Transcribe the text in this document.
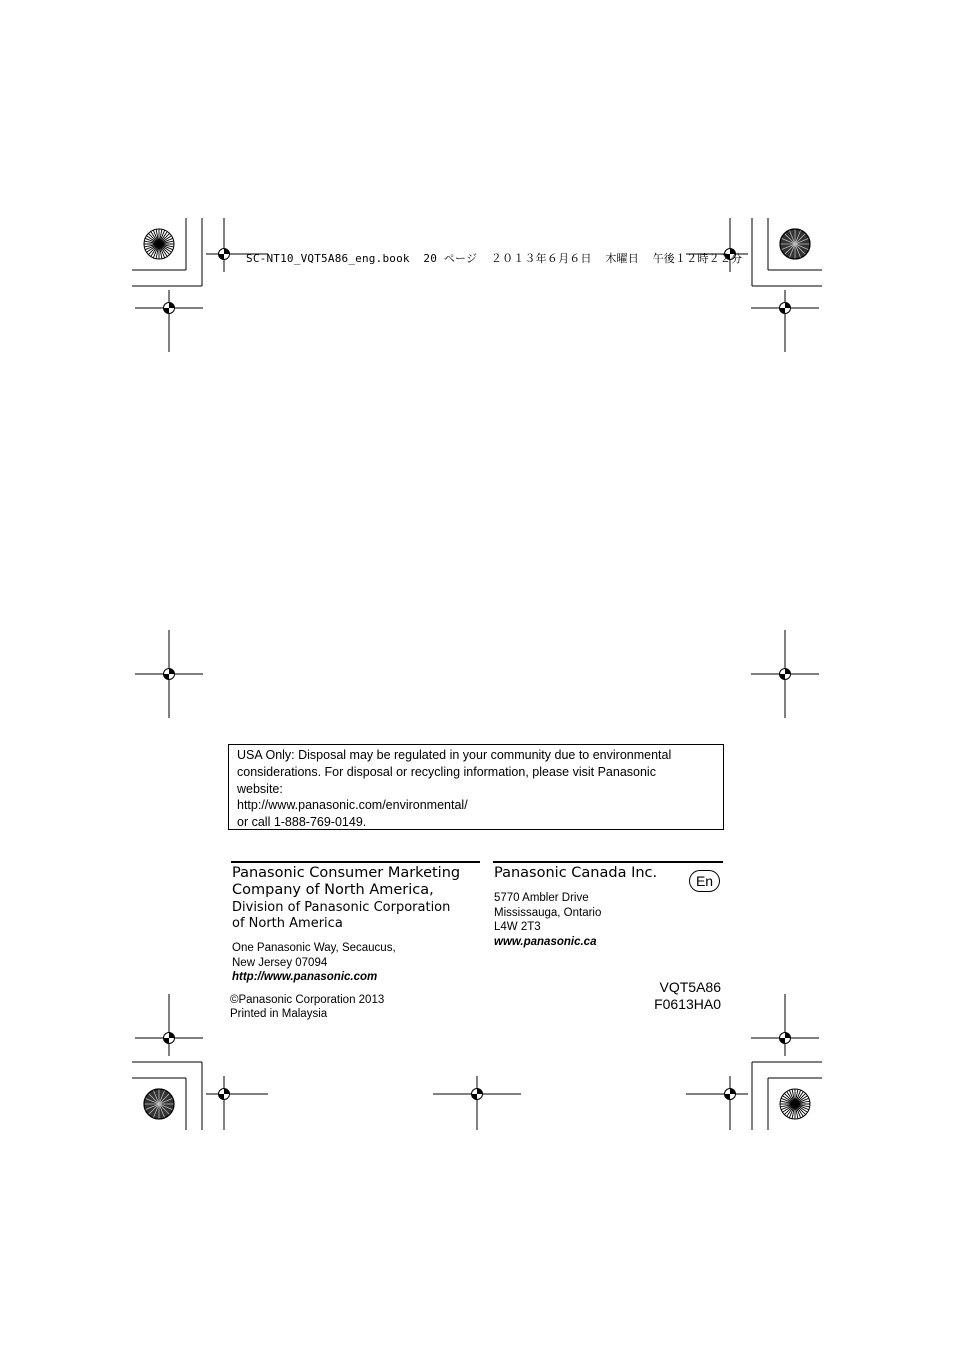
SC-NT10_VQT5A86_eng.book  20 ページ  ２０１３年６月６日  木曜日  午後１２時２２分
USA Only: Disposal may be regulated in your community due to environmental
considerations. For disposal or recycling information, please visit Panasonic
website:
http://www.panasonic.com/environmental/
or call 1-888-769-0149.
Panasonic Consumer Marketing
Company of North America,
Division of Panasonic Corporation
of North America
One Panasonic Way, Secaucus,
New Jersey 07094
http://www.panasonic.com
Panasonic Canada Inc.
5770 Ambler Drive
Mississauga, Ontario
L4W 2T3
www.panasonic.ca
En
©Panasonic Corporation 2013
Printed in Malaysia
VQT5A86
F0613HA0
